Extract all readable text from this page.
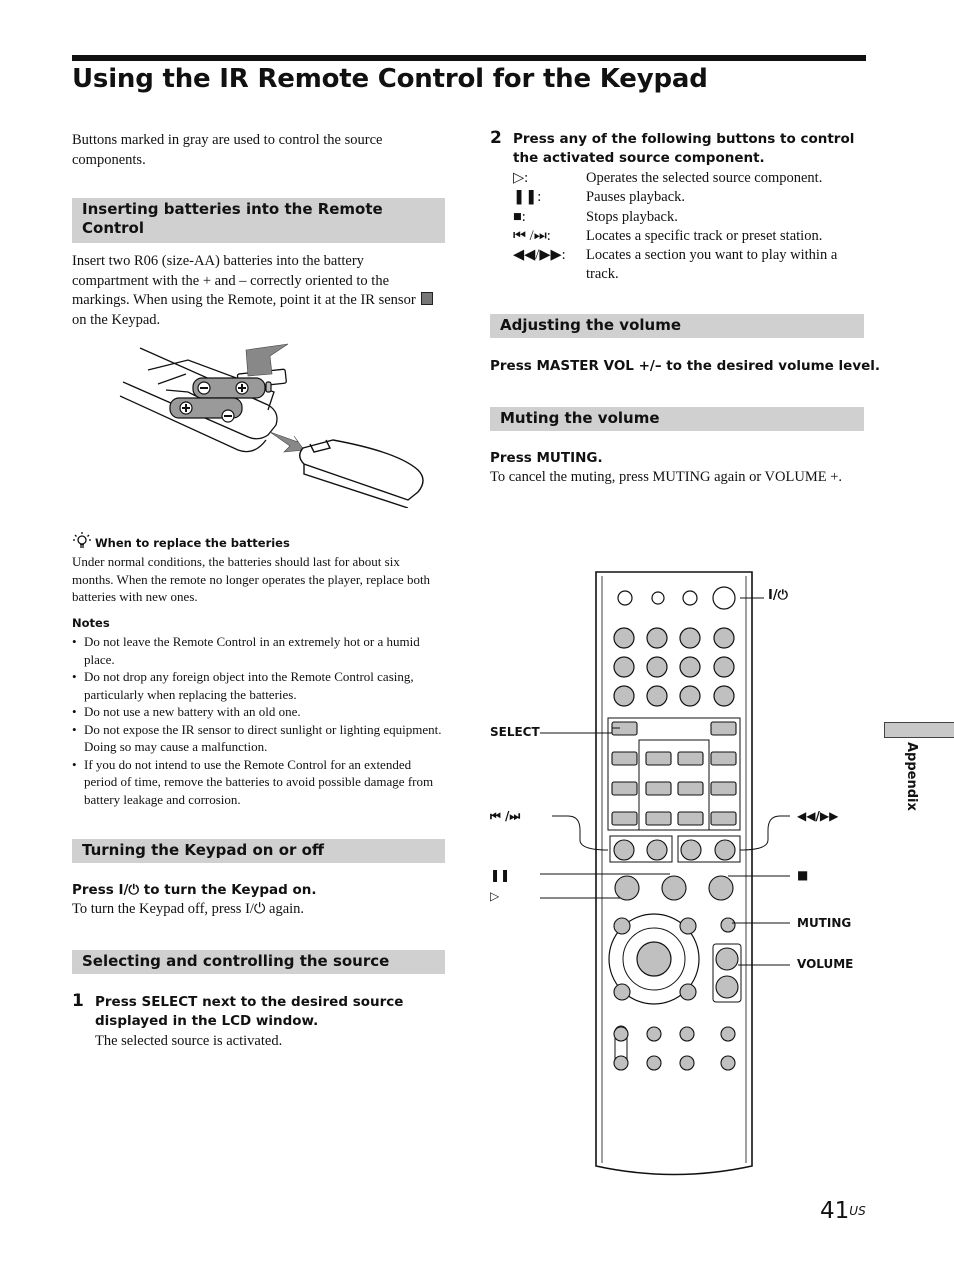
Using the IR Remote Control for the Keypad
Buttons marked in gray are used to control the source components.
Inserting batteries into the Remote Control
Insert two R06 (size-AA) batteries into the battery compartment with the + and – correctly oriented to the markings. When using the Remote, point it at the IR sensor  on the Keypad.
When to replace the batteries
Under normal conditions, the batteries should last for about six months. When the remote no longer operates the player, replace both batteries with new ones.
Notes
• Do not leave the Remote Control in an extremely hot or a humid place.
• Do not drop any foreign object into the Remote Control casing, particularly when replacing the batteries.
• Do not use a new battery with an old one.
• Do not expose the IR sensor to direct sunlight or lighting equipment. Doing so may cause a malfunction.
• If you do not intend to use the Remote Control for an extended period of time, remove the batteries to avoid possible damage from battery leakage and corrosion.
Turning the Keypad on or off
Press I/⏻ to turn the Keypad on.
To turn the Keypad off, press I/⏻ again.
Selecting and controlling the source
1 Press SELECT next to the desired source displayed in the LCD window.
The selected source is activated.
2 Press any of the following buttons to control the activated source component.
▷:	Operates the selected source component.
❚❚:	Pauses playback.
■:	Stops playback.
⏮ /⏭:	Locates a specific track or preset station.
◀◀/▶▶:	Locates a section you want to play within a track.
Adjusting the volume
Press MASTER VOL +/– to the desired volume level.
Muting the volume
Press MUTING.
To cancel the muting, press MUTING again or VOLUME +.
I/⏻
SELECT
⏮ /⏭	◀◀/▶▶
❚❚
▷
■
MUTING
VOLUME
Appendix
$41^{US}$
